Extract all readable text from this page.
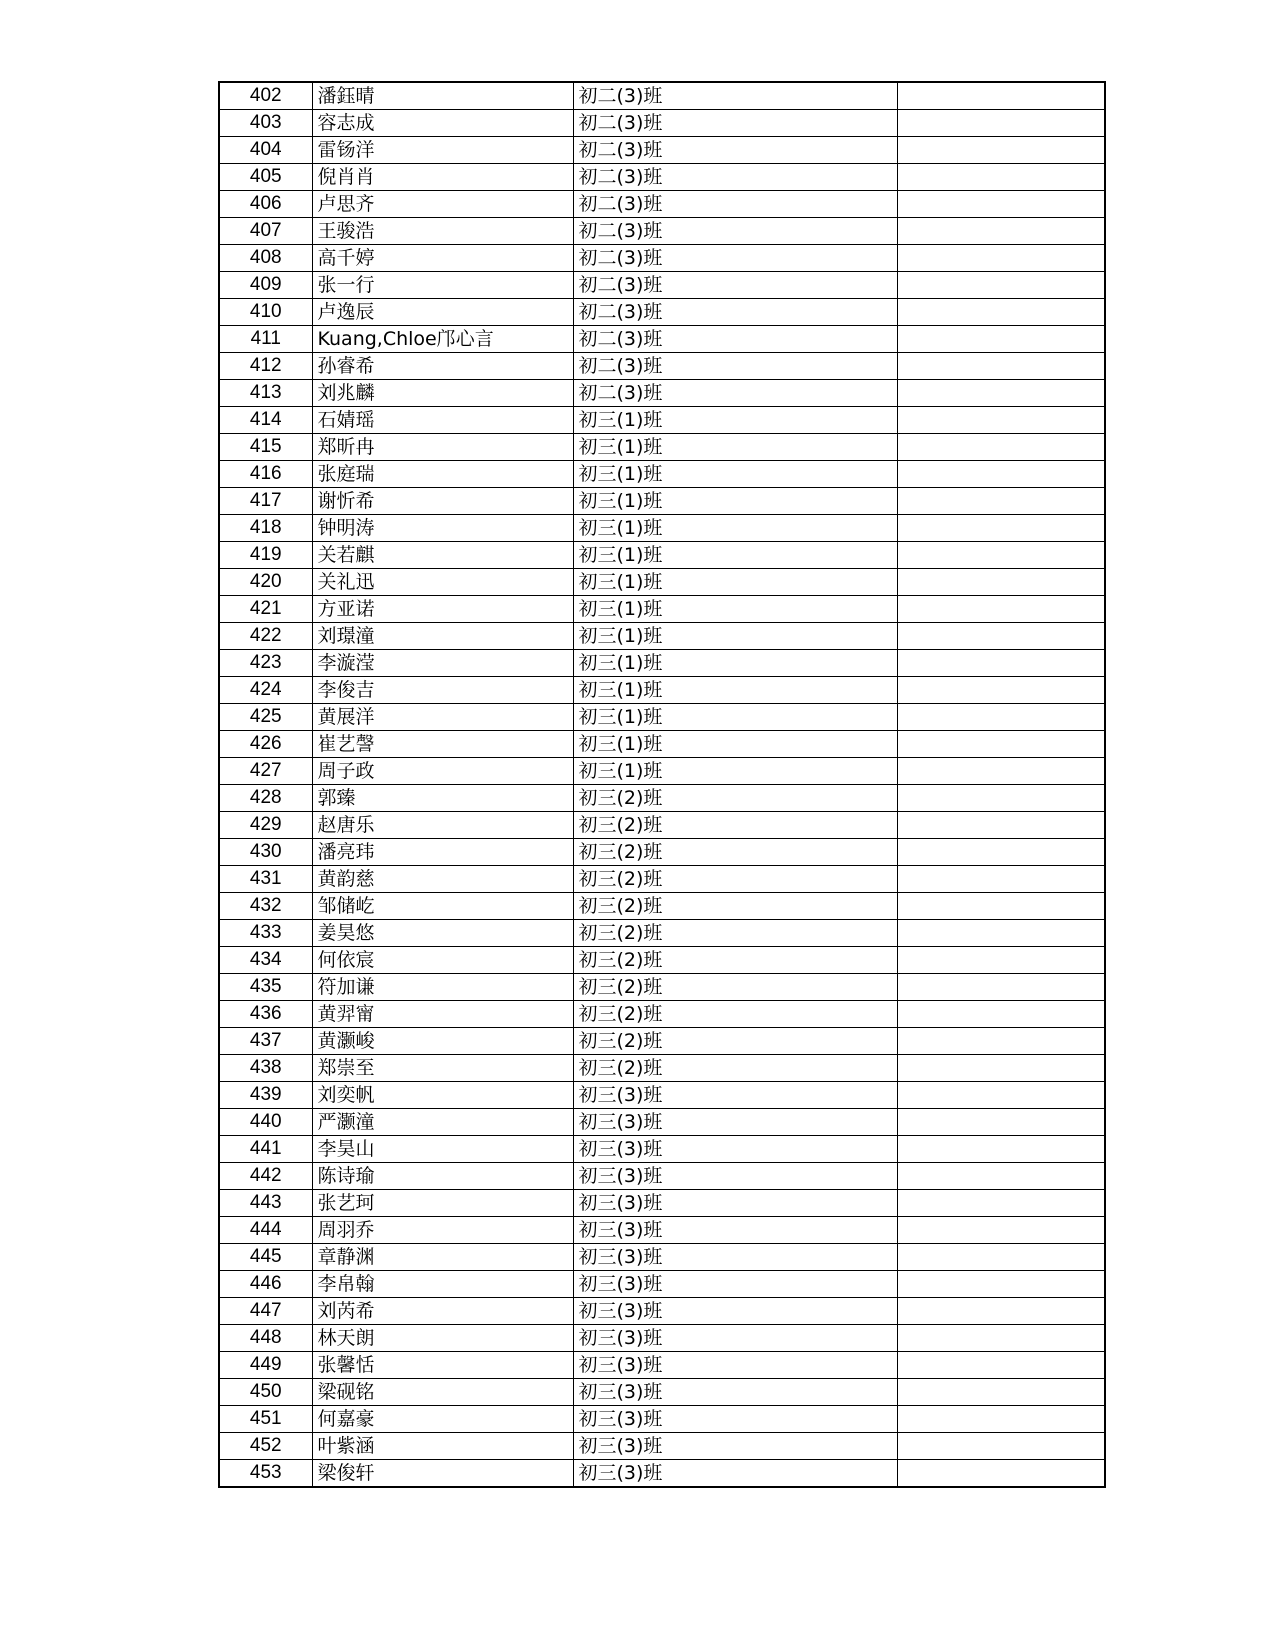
402	潘鈺晴	初二(3)班	
403	容志成	初二(3)班	
404	雷钖洋	初二(3)班	
405	倪肖肖	初二(3)班	
406	卢思齐	初二(3)班	
407	王骏浩	初二(3)班	
408	高千婷	初二(3)班	
409	张一行	初二(3)班	
410	卢逸辰	初二(3)班	
411	Kuang,Chloe邝心言	初二(3)班	
412	孙睿希	初二(3)班	
413	刘兆麟	初二(3)班	
414	石婧瑶	初三(1)班	
415	郑昕冉	初三(1)班	
416	张庭瑞	初三(1)班	
417	谢忻希	初三(1)班	
418	钟明涛	初三(1)班	
419	关若麒	初三(1)班	
420	关礼迅	初三(1)班	
421	方亚诺	初三(1)班	
422	刘璟潼	初三(1)班	
423	李漩滢	初三(1)班	
424	李俊吉	初三(1)班	
425	黄展洋	初三(1)班	
426	崔艺謦	初三(1)班	
427	周子政	初三(1)班	
428	郭臻	初三(2)班	
429	赵唐乐	初三(2)班	
430	潘亮玮	初三(2)班	
431	黄韵慈	初三(2)班	
432	邹储屹	初三(2)班	
433	姜昊悠	初三(2)班	
434	何依宸	初三(2)班	
435	符加谦	初三(2)班	
436	黄羿甯	初三(2)班	
437	黄灏峻	初三(2)班	
438	郑崇至	初三(2)班	
439	刘奕帆	初三(3)班	
440	严灏潼	初三(3)班	
441	李昊山	初三(3)班	
442	陈诗瑜	初三(3)班	
443	张艺珂	初三(3)班	
444	周羽乔	初三(3)班	
445	章静渊	初三(3)班	
446	李帛翰	初三(3)班	
447	刘芮希	初三(3)班	
448	林天朗	初三(3)班	
449	张馨恬	初三(3)班	
450	梁砚铭	初三(3)班	
451	何嘉豪	初三(3)班	
452	叶紫涵	初三(3)班	
453	梁俊轩	初三(3)班	
